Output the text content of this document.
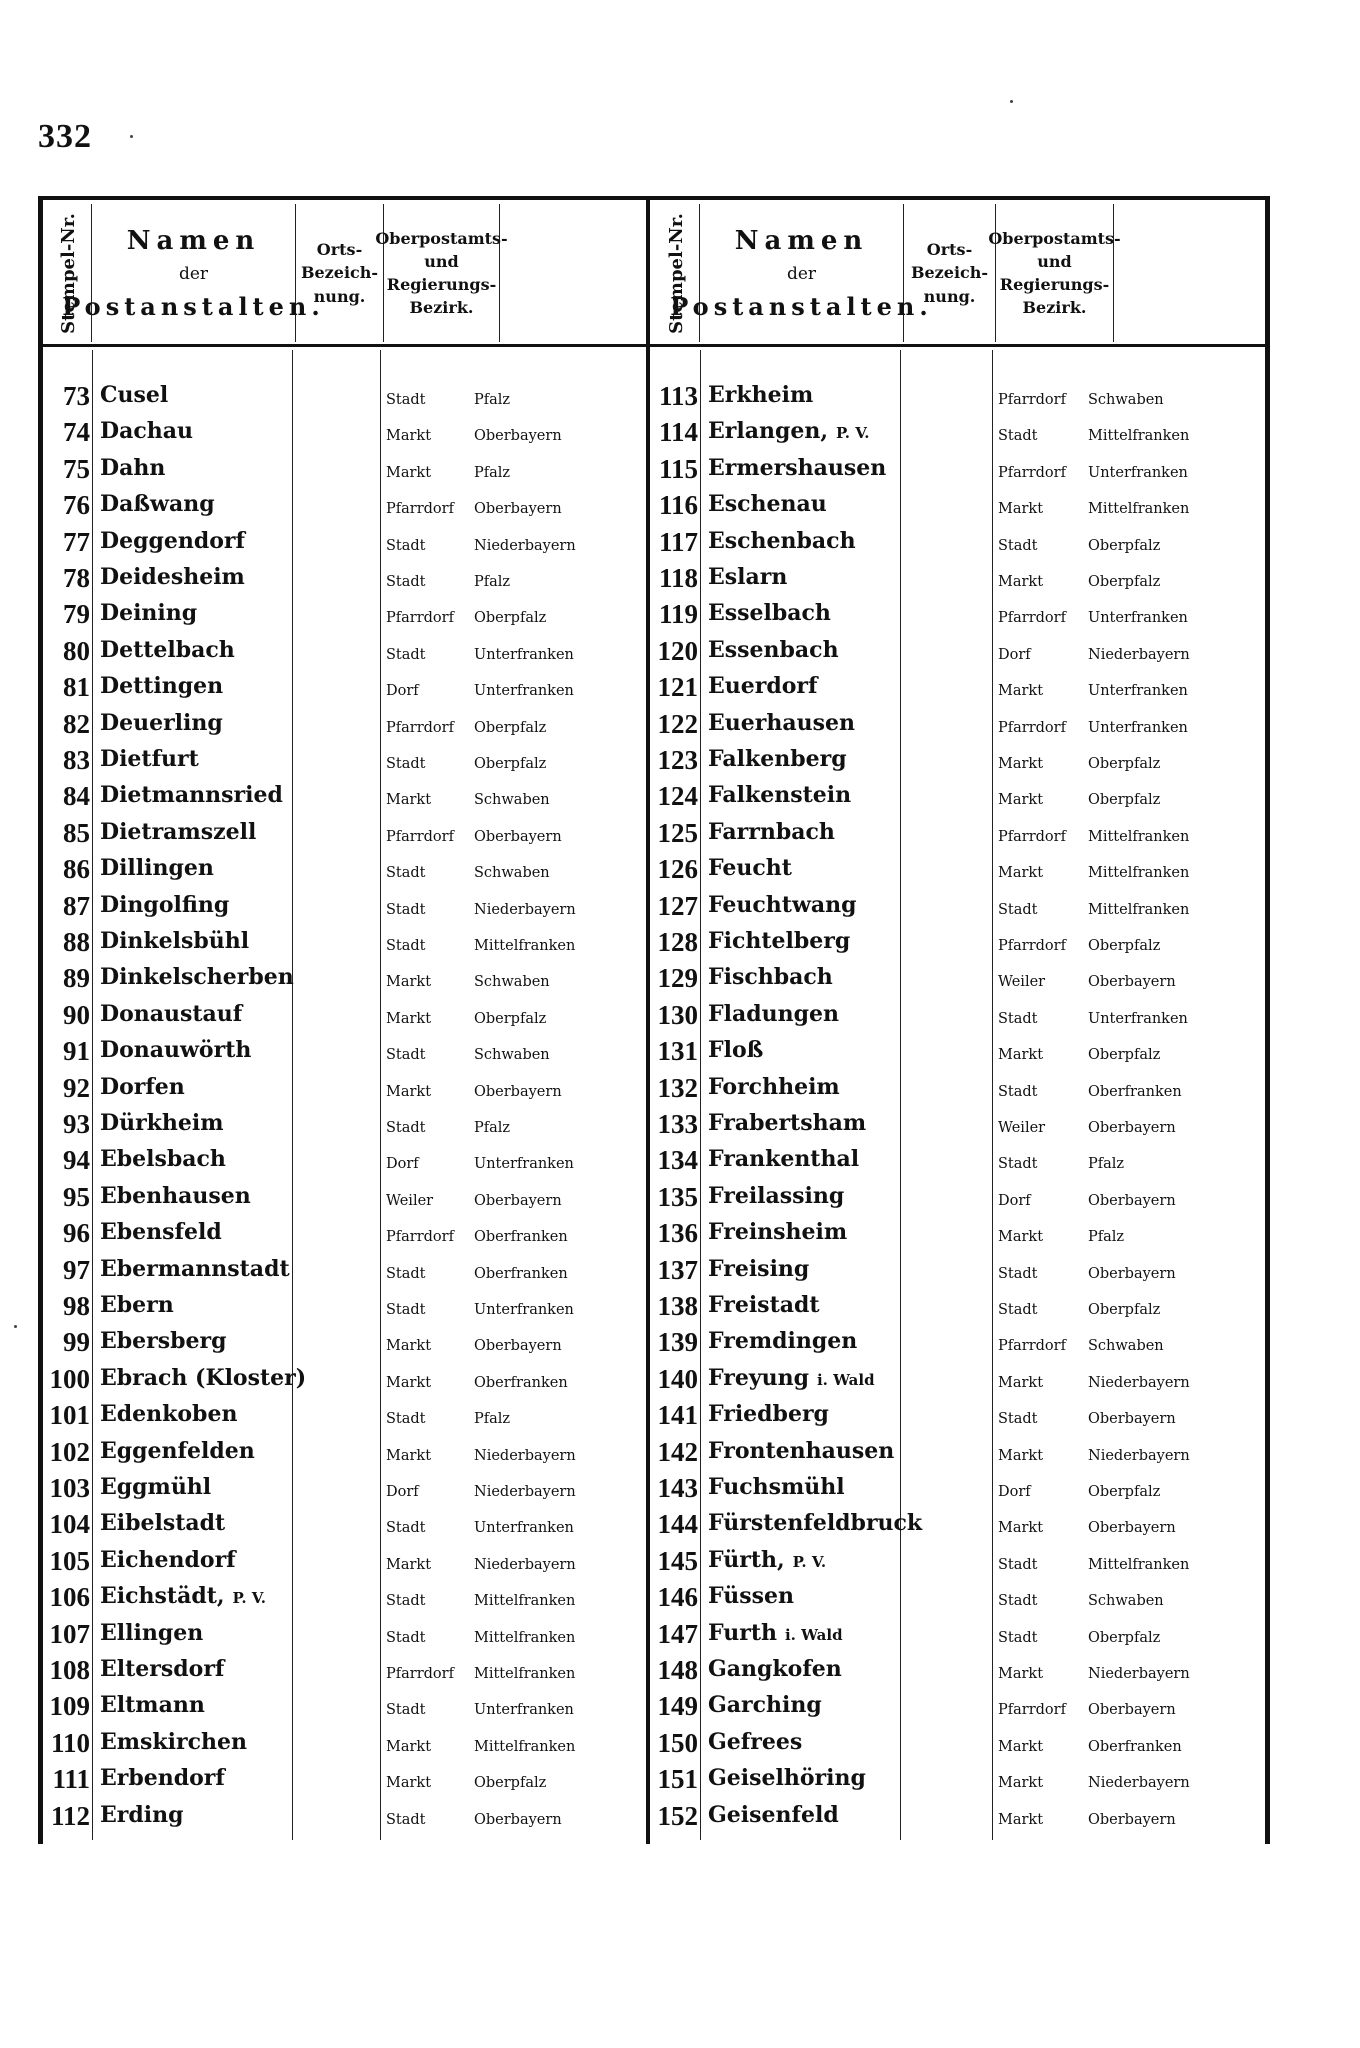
332
Stempel-Nr. Namen
der
Postanstalten.
Orts-
Bezeich-
nung.
Oberpostamts-
und
Regierungs-
Bezirk.
73 Cusel	Stadt	Pfalz
74 Dachau	Markt	Oberbayern
75 Dahn	Markt	Pfalz
76 Daßwang	Pfarrdorf Oberbayern
77 Deggendorf	Stadt	Niederbayern
78 Deidesheim	Stadt	Pfalz
79 Deining	Pfarrdorf Oberpfalz
80 Dettelbach	Stadt	Unterfranken
81 Dettingen	Dorf	Unterfranken
82 Deuerling	Pfarrdorf Oberpfalz
83 Dietfurt	Stadt	Oberpfalz
84 Dietmannsried	Markt	Schwaben
85 Dietramszell	Pfarrdorf Oberbayern
86 Dillingen	Stadt	Schwaben
87 Dingolfing	Stadt	Niederbayern
88 Dinkelsbühl	Stadt	Mittelfranken
89 Dinkelscherben	Markt	Schwaben
90 Donaustauf	Markt	Oberpfalz
91 Donauwörth	Stadt	Schwaben
92 Dorfen	Markt	Oberbayern
93 Dürkheim	Stadt	Pfalz
94 Ebelsbach	Dorf	Unterfranken
95 Ebenhausen	Weiler	Oberbayern
96 Ebensfeld	Pfarrdorf Oberfranken
97 Ebermannstadt	Stadt	Oberfranken
98 Ebern	Stadt	Unterfranken
99 Ebersberg	Markt	Oberbayern
100 Ebrach (Kloster)	Markt	Oberfranken
101 Edenkoben	Stadt	Pfalz
102 Eggenfelden	Markt	Niederbayern
103 Eggmühl	Dorf	Niederbayern
104 Eibelstadt	Stadt	Unterfranken
105 Eichendorf	Markt	Niederbayern
106 Eichstädt, P. V.	Stadt	Mittelfranken
107 Ellingen	Stadt	Mittelfranken
108 Eltersdorf	Pfarrdorf Mittelfranken
109 Eltmann	Stadt	Unterfranken
110 Emskirchen	Markt	Mittelfranken
111 Erbendorf	Markt	Oberpfalz
112 Erding	Stadt	Oberbayern
Stempel-Nr. Namen
der
Postanstalten.
Orts-
Bezeich-
nung.
Oberpostamts-
und
Regierungs-
Bezirk.
113 Erkheim	Pfarrdorf Schwaben
114 Erlangen, P. V.	Stadt	Mittelfranken
115 Ermershausen	Pfarrdorf Unterfranken
116 Eschenau	Markt	Mittelfranken
117 Eschenbach	Stadt	Oberpfalz
118 Eslarn	Markt	Oberpfalz
119 Esselbach	Pfarrdorf Unterfranken
120 Essenbach	Dorf	Niederbayern
121 Euerdorf	Markt	Unterfranken
122 Euerhausen	Pfarrdorf Unterfranken
123 Falkenberg	Markt	Oberpfalz
124 Falkenstein	Markt	Oberpfalz
125 Farrnbach	Pfarrdorf Mittelfranken
126 Feucht	Markt	Mittelfranken
127 Feuchtwang	Stadt	Mittelfranken
128 Fichtelberg	Pfarrdorf Oberpfalz
129 Fischbach	Weiler	Oberbayern
130 Fladungen	Stadt	Unterfranken
131 Floß	Markt	Oberpfalz
132 Forchheim	Stadt	Oberfranken
133 Frabertsham	Weiler	Oberbayern
134 Frankenthal	Stadt	Pfalz
135 Freilassing	Dorf	Oberbayern
136 Freinsheim	Markt	Pfalz
137 Freising	Stadt	Oberbayern
138 Freistadt	Stadt	Oberpfalz
139 Fremdingen	Pfarrdorf Schwaben
140 Freyung i. Wald	Markt	Niederbayern
141 Friedberg	Stadt	Oberbayern
142 Frontenhausen	Markt	Niederbayern
143 Fuchsmühl	Dorf	Oberpfalz
144 Fürstenfeldbruck	Markt	Oberbayern
145 Fürth, P. V.	Stadt	Mittelfranken
146 Füssen	Stadt	Schwaben
147 Furth i. Wald	Stadt	Oberpfalz
148 Gangkofen	Markt	Niederbayern
149 Garching	Pfarrdorf Oberbayern
150 Gefrees	Markt	Oberfranken
151 Geiselhöring	Markt	Niederbayern
152 Geisenfeld	Markt	Oberbayern
